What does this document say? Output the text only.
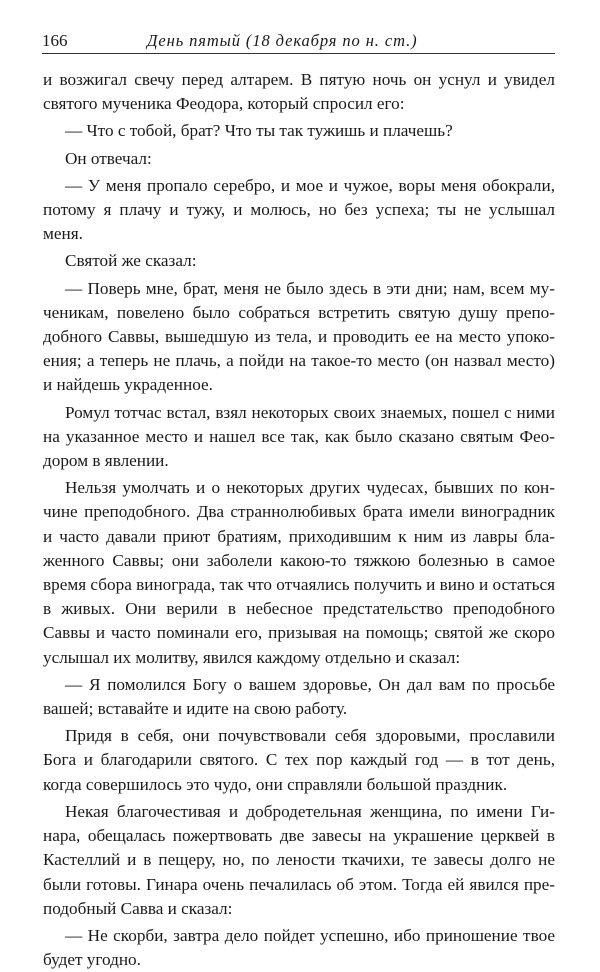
166	День пятый (18 декабря по н. ст.)

и возжигал свечу перед алтарем. В пятую ночь он уснул и увидел святого мученика Феодора, который спросил его:

— Что с тобой, брат? Что ты так тужишь и плачешь?

Он отвечал:

— У меня пропало серебро, и мое и чужое, воры меня обокрали, потому я плачу и тужу, и молюсь, но без успеха; ты не услышал меня.

Святой же сказал:

— Поверь мне, брат, меня не было здесь в эти дни; нам, всем мученикам, повелено было собраться встретить святую душу преподобного Саввы, вышедшую из тела, и проводить ее на место упокоения; а теперь не плачь, а пойди на такое-то место (он назвал место) и найдешь украденное.

Ромул тотчас встал, взял некоторых своих знаемых, пошел с ними на указанное место и нашел все так, как было сказано святым Феодором в явлении.

Нельзя умолчать и о некоторых других чудесах, бывших по кончине преподобного. Два страннолюбивых брата имели виноградник и часто давали приют братиям, приходившим к ним из лавры блаженного Саввы; они заболели какою-то тяжкою болезнью в самое время сбора винограда, так что отчаялись получить и вино и остаться в живых. Они верили в небесное предстательство преподобного Саввы и часто поминали его, призывая на помощь; святой же скоро услышал их молитву, явился каждому отдельно и сказал:

— Я помолился Богу о вашем здоровье, Он дал вам по просьбе вашей; вставайте и идите на свою работу.

Придя в себя, они почувствовали себя здоровыми, прославили Бога и благодарили святого. С тех пор каждый год — в тот день, когда совершилось это чудо, они справляли большой праздник.

Некая благочестивая и добродетельная женщина, по имени Гинара, обещалась пожертвовать две завесы на украшение церквей в Кастеллий и в пещеру, но, по лености ткачихи, те завесы долго не были готовы. Гинара очень печалилась об этом. Тогда ей явился преподобный Савва и сказал:

— Не скорби, завтра дело пойдет успешно, ибо приношение твое будет угодно.
